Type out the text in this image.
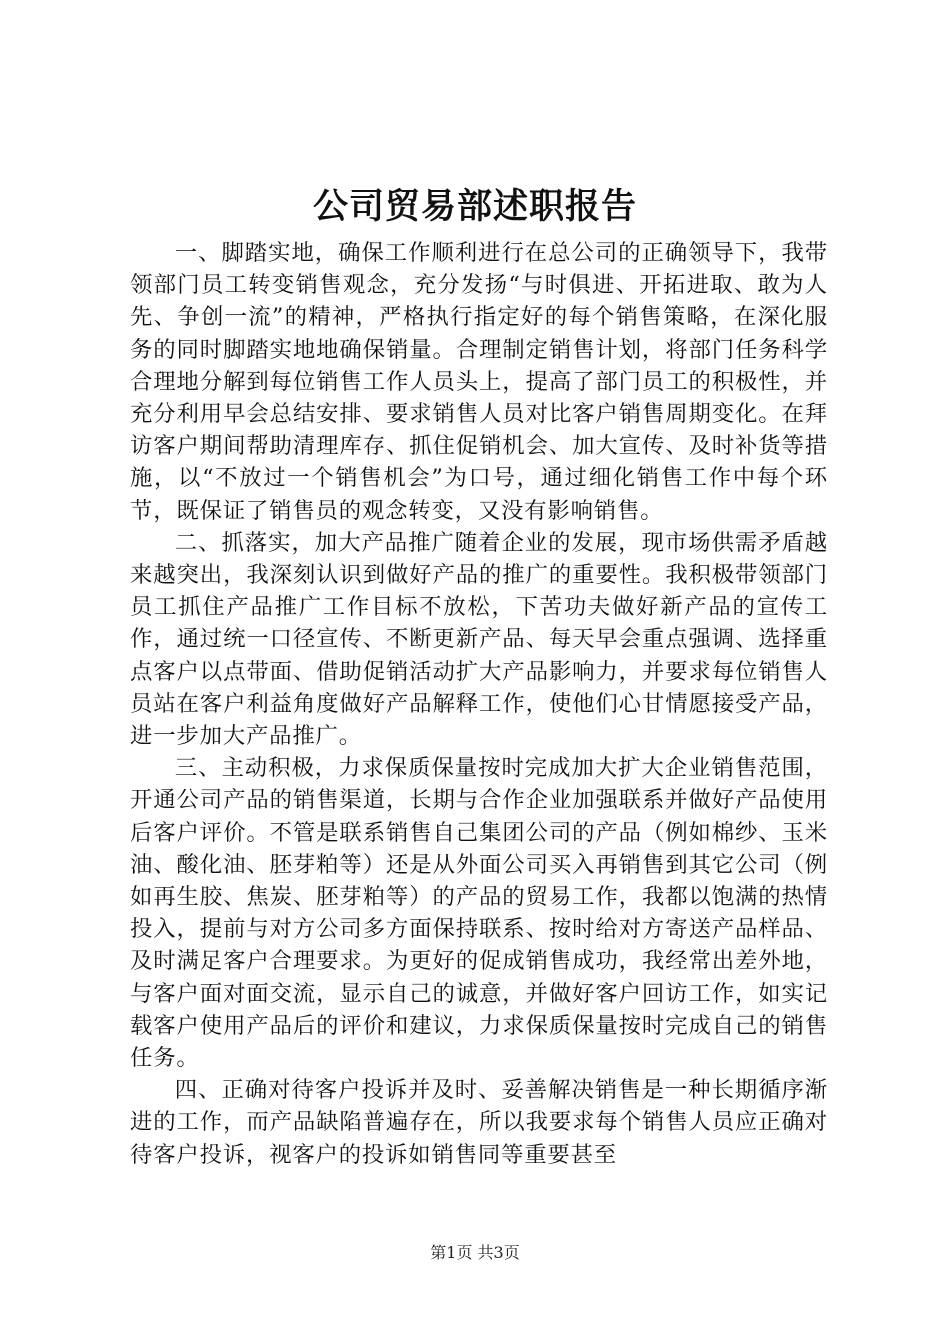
公司贸易部述职报告

一、脚踏实地，确保工作顺利进行在总公司的正确领导下，我带领部门员工转变销售观念，充分发扬“与时俱进、开拓进取、敢为人先、争创一流”的精神，严格执行指定好的每个销售策略，在深化服务的同时脚踏实地地确保销量。合理制定销售计划，将部门任务科学合理地分解到每位销售工作人员头上，提高了部门员工的积极性，并充分利用早会总结安排、要求销售人员对比客户销售周期变化。在拜访客户期间帮助清理库存、抓住促销机会、加大宣传、及时补货等措施，以“不放过一个销售机会”为口号，通过细化销售工作中每个环节，既保证了销售员的观念转变，又没有影响销售。

二、抓落实，加大产品推广随着企业的发展，现市场供需矛盾越来越突出，我深刻认识到做好产品的推广的重要性。我积极带领部门员工抓住产品推广工作目标不放松，下苦功夫做好新产品的宣传工作，通过统一口径宣传、不断更新产品、每天早会重点强调、选择重点客户以点带面、借助促销活动扩大产品影响力，并要求每位销售人员站在客户利益角度做好产品解释工作，使他们心甘情愿接受产品，进一步加大产品推广。

三、主动积极，力求保质保量按时完成加大扩大企业销售范围，开通公司产品的销售渠道，长期与合作企业加强联系并做好产品使用后客户评价。不管是联系销售自己集团公司的产品（例如棉纱、玉米油、酸化油、胚芽粕等）还是从外面公司买入再销售到其它公司（例如再生胶、焦炭、胚芽粕等）的产品的贸易工作，我都以饱满的热情投入，提前与对方公司多方面保持联系、按时给对方寄送产品样品、及时满足客户合理要求。为更好的促成销售成功，我经常出差外地，与客户面对面交流，显示自己的诚意，并做好客户回访工作，如实记载客户使用产品后的评价和建议，力求保质保量按时完成自己的销售任务。

四、正确对待客户投诉并及时、妥善解决销售是一种长期循序渐进的工作，而产品缺陷普遍存在，所以我要求每个销售人员应正确对待客户投诉，视客户的投诉如销售同等重要甚至

第1页 共3页
